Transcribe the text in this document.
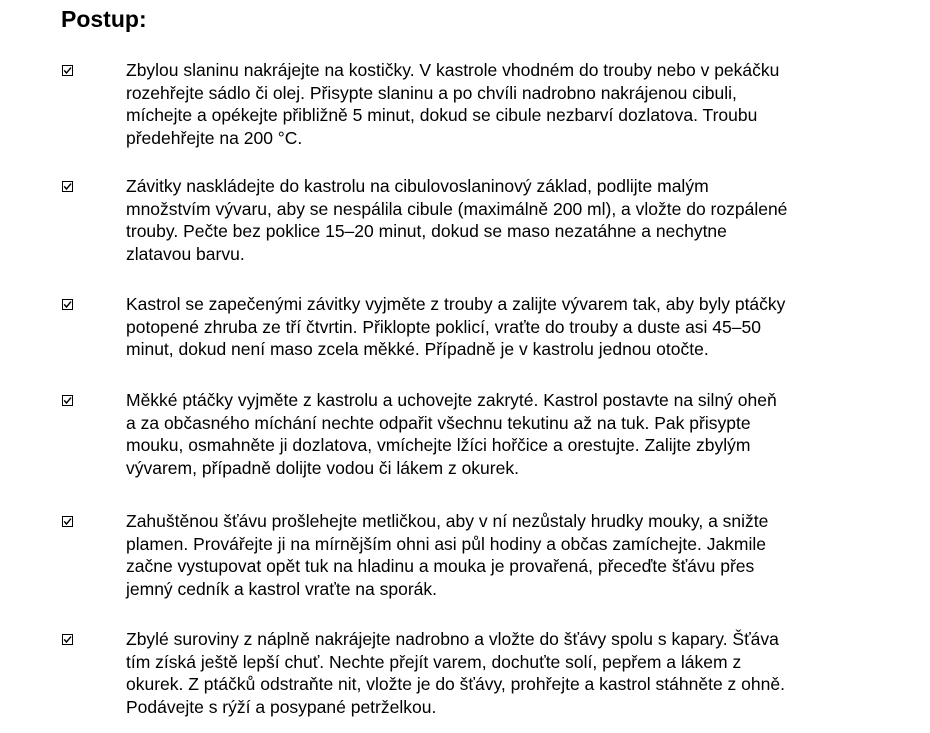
Postup:

Zbylou slaninu nakrájejte na kostičky. V kastrole vhodném do trouby nebo v pekáčku
rozehřejte sádlo či olej. Přisypte slaninu a po chvíli nadrobno nakrájenou cibuli,
míchejte a opékejte přibližně 5 minut, dokud se cibule nezbarví dozlatova. Troubu
předehřejte na 200 °C.

Závitky naskládejte do kastrolu na cibulovoslaninový základ, podlijte malým
množstvím vývaru, aby se nespálila cibule (maximálně 200 ml), a vložte do rozpálené
trouby. Pečte bez poklice 15–20 minut, dokud se maso nezatáhne a nechytne
zlatavou barvu.

Kastrol se zapečenými závitky vyjměte z trouby a zalijte vývarem tak, aby byly ptáčky
potopené zhruba ze tří čtvrtin. Přiklopte poklicí, vraťte do trouby a duste asi 45–50
minut, dokud není maso zcela měkké. Případně je v kastrolu jednou otočte.

Měkké ptáčky vyjměte z kastrolu a uchovejte zakryté. Kastrol postavte na silný oheň
a za občasného míchání nechte odpařit všechnu tekutinu až na tuk. Pak přisypte
mouku, osmahněte ji dozlatova, vmíchejte lžíci hořčice a orestujte. Zalijte zbylým
vývarem, případně dolijte vodou či lákem z okurek.

Zahuštěnou šťávu prošlehejte metličkou, aby v ní nezůstaly hrudky mouky, a snižte
plamen. Provářejte ji na mírnějším ohni asi půl hodiny a občas zamíchejte. Jakmile
začne vystupovat opět tuk na hladinu a mouka je provařená, přeceďte šťávu přes
jemný cedník a kastrol vraťte na sporák.

Zbylé suroviny z náplně nakrájejte nadrobno a vložte do šťávy spolu s kapary. Šťáva
tím získá ještě lepší chuť. Nechte přejít varem, dochuťte solí, pepřem a lákem z
okurek. Z ptáčků odstraňte nit, vložte je do šťávy, prohřejte a kastrol stáhněte z ohně.
Podávejte s rýží a posypané petrželkou.
